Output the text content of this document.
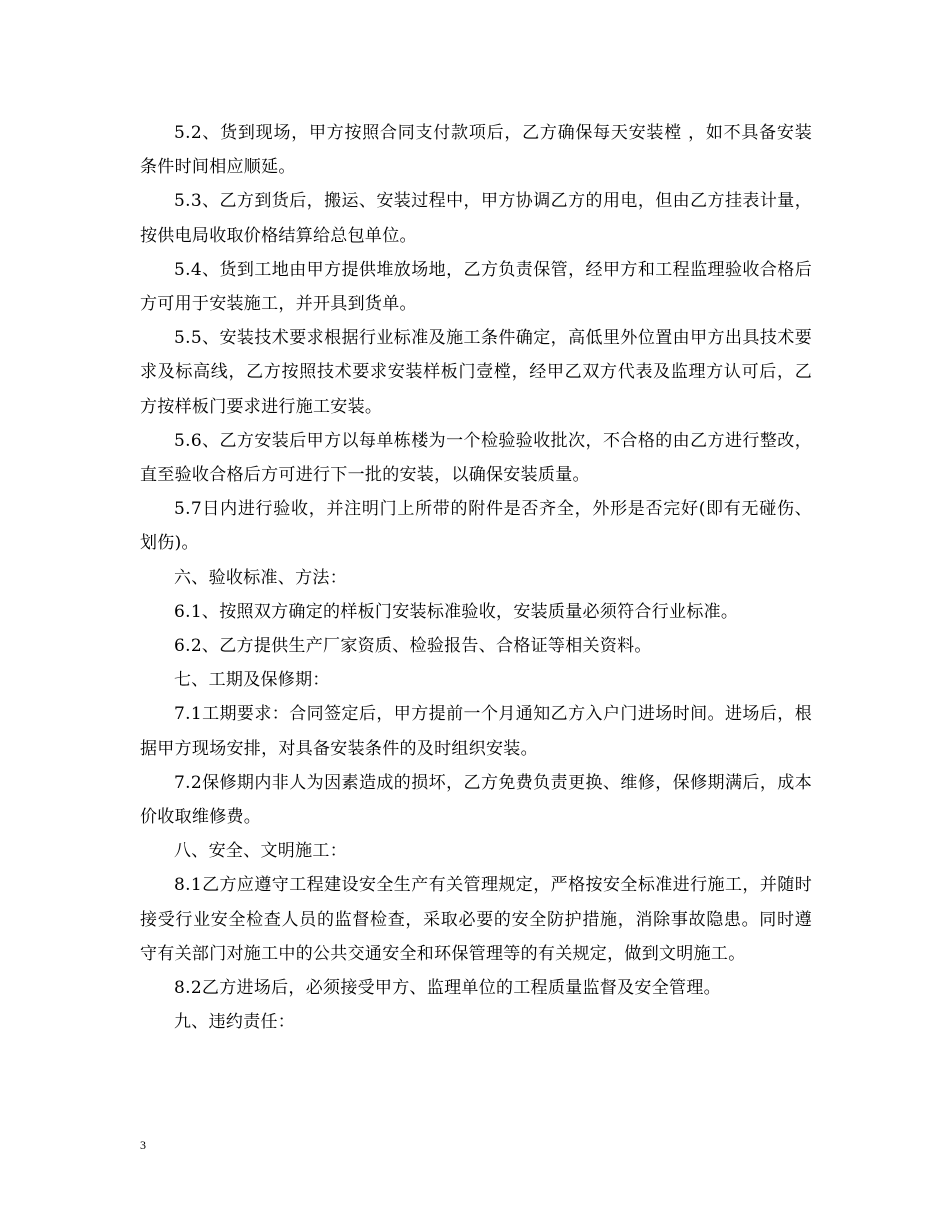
5.2、货到现场，甲方按照合同支付款项后，乙方确保每天安装樘 ，如不具备安装条件时间相应顺延。

5.3、乙方到货后，搬运、安装过程中，甲方协调乙方的用电，但由乙方挂表计量，按供电局收取价格结算给总包单位。

5.4、货到工地由甲方提供堆放场地，乙方负责保管，经甲方和工程监理验收合格后方可用于安装施工，并开具到货单。

5.5、安装技术要求根据行业标准及施工条件确定，高低里外位置由甲方出具技术要求及标高线，乙方按照技术要求安装样板门壹樘，经甲乙双方代表及监理方认可后，乙方按样板门要求进行施工安装。

5.6、乙方安装后甲方以每单栋楼为一个检验验收批次，不合格的由乙方进行整改，直至验收合格后方可进行下一批的安装，以确保安装质量。

5.7日内进行验收，并注明门上所带的附件是否齐全，外形是否完好(即有无碰伤、划伤)。

六、验收标准、方法：

6.1、按照双方确定的样板门安装标准验收，安装质量必须符合行业标准。

6.2、乙方提供生产厂家资质、检验报告、合格证等相关资料。

七、工期及保修期：

7.1工期要求：合同签定后，甲方提前一个月通知乙方入户门进场时间。进场后，根据甲方现场安排，对具备安装条件的及时组织安装。

7.2保修期内非人为因素造成的损坏，乙方免费负责更换、维修，保修期满后，成本价收取维修费。

八、安全、文明施工：

8.1乙方应遵守工程建设安全生产有关管理规定，严格按安全标准进行施工，并随时接受行业安全检查人员的监督检查，采取必要的安全防护措施，消除事故隐患。同时遵守有关部门对施工中的公共交通安全和环保管理等的有关规定，做到文明施工。

8.2乙方进场后，必须接受甲方、监理单位的工程质量监督及安全管理。

九、违约责任：

3
